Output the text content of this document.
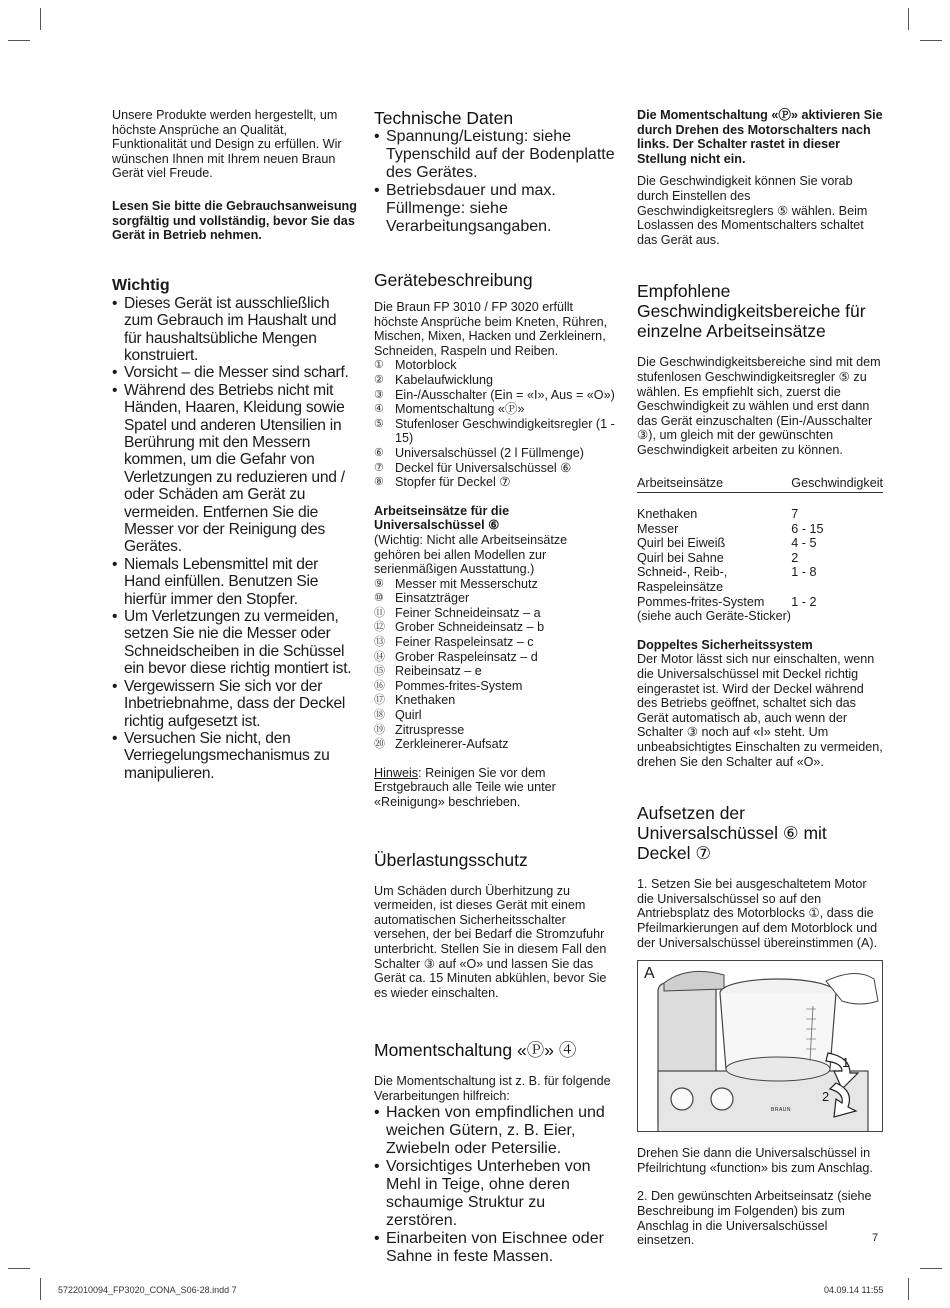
Unsere Produkte werden hergestellt, um höchste Ansprüche an Qualität, Funktionalität und Design zu erfüllen. Wir wünschen Ihnen mit Ihrem neuen Braun Gerät viel Freude.

Lesen Sie bitte die Gebrauchsanweisung sorgfältig und vollständig, bevor Sie das Gerät in Betrieb nehmen.

Wichtig
• Dieses Gerät ist ausschließlich zum Gebrauch im Haushalt und für haushaltsübliche Mengen konstruiert.
• Vorsicht – die Messer sind scharf.
• Während des Betriebs nicht mit Händen, Haaren, Kleidung sowie Spatel und anderen Utensilien in Berührung mit den Messern kommen, um die Gefahr von Verletzungen zu reduzieren und / oder Schäden am Gerät zu vermeiden. Entfernen Sie die Messer vor der Reinigung des Gerätes.
• Niemals Lebensmittel mit der Hand einfüllen. Benutzen Sie hierfür immer den Stopfer.
• Um Verletzungen zu vermeiden, setzen Sie nie die Messer oder Schneidscheiben in die Schüssel ein bevor diese richtig montiert ist.
• Vergewissern Sie sich vor der Inbetriebnahme, dass der Deckel richtig aufgesetzt ist.
• Versuchen Sie nicht, den Verriegelungsmechanismus zu manipulieren.
Technische Daten
• Spannung/Leistung: siehe Typenschild auf der Bodenplatte des Gerätes.
• Betriebsdauer und max. Füllmenge: siehe Verarbeitungsangaben.
Gerätebeschreibung

Die Braun FP 3010 / FP 3020 erfüllt höchste Ansprüche beim Kneten, Rühren, Mischen, Mixen, Hacken und Zerkleinern, Schneiden, Raspeln und Reiben.

① Motorblock
② Kabelaufwicklung
③ Ein-/Ausschalter (Ein = «I», Aus = «O»)
④ Momentschaltung «Ⓟ»
⑤ Stufenloser Geschwindigkeitsregler (1 - 15)
⑥ Universalschüssel (2 l Füllmenge)
⑦ Deckel für Universalschüssel ⑥
⑧ Stopfer für Deckel ⑦

Arbeitseinsätze für die Universalschüssel ⑥

(Wichtig: Nicht alle Arbeitseinsätze gehören bei allen Modellen zur serienmäßigen Ausstattung.)

⑨ Messer mit Messerschutz
⑩ Einsatzträger
⑪ Feiner Schneideinsatz – a
⑫ Grober Schneideinsatz – b
⑬ Feiner Raspeleinsatz – c
⑭ Grober Raspeleinsatz – d
⑮ Reibeinsatz – e
⑯ Pommes-frites-System
⑰ Knethaken
⑱ Quirl
⑲ Zitruspresse
⑳ Zerkleinerer-Aufsatz

Hinweis: Reinigen Sie vor dem Erstgebrauch alle Teile wie unter «Reinigung» beschrieben.

Überlastungsschutz

Um Schäden durch Überhitzung zu vermeiden, ist dieses Gerät mit einem automatischen Sicherheitsschalter versehen, der bei Bedarf die Stromzufuhr unterbricht. Stellen Sie in diesem Fall den Schalter ③ auf «O» und lassen Sie das Gerät ca. 15 Minuten abkühlen, bevor Sie es wieder einschalten.

Momentschaltung «Ⓟ» ④

Die Momentschaltung ist z. B. für folgende Verarbeitungen hilfreich:

• Hacken von empfindlichen und weichen Gütern, z. B. Eier, Zwiebeln oder Petersilie.
• Vorsichtiges Unterheben von Mehl in Teige, ohne deren schaumige Struktur zu zerstören.
• Einarbeiten von Eischnee oder Sahne in feste Massen.

Die Momentschaltung «Ⓟ» aktivieren Sie durch Drehen des Motorschalters nach links. Der Schalter rastet in dieser Stellung nicht ein.

Die Geschwindigkeit können Sie vorab durch Einstellen des Geschwindigkeitsreglers ⑤ wählen. Beim Loslassen des Momentschalters schaltet das Gerät aus.

Empfohlene Geschwindigkeitsbereiche für einzelne Arbeitseinsätze

Die Geschwindigkeitsbereiche sind mit dem stufenlosen Geschwindigkeitsregler ⑤ zu wählen. Es empfiehlt sich, zuerst die Geschwindigkeit zu wählen und erst dann das Gerät einzuschalten (Ein-/Ausschalter ③), um gleich mit der gewünschten Geschwindigkeit arbeiten zu können.

Arbeitseinsätze	Geschwindigkeit
Knethaken	7
Messer	6 - 15
Quirl bei Eiweiß	4 - 5
Quirl bei Sahne	2
Schneid-, Reib-, Raspeleinsätze	1 - 8
Pommes-frites-System	1 - 2
(siehe auch Geräte-Sticker)	

Doppeltes Sicherheitssystem

Der Motor lässt sich nur einschalten, wenn die Universalschüssel mit Deckel richtig eingerastet ist. Wird der Deckel während des Betriebs geöffnet, schaltet sich das Gerät automatisch ab, auch wenn der Schalter ③ noch auf «I» steht. Um unbeabsichtigtes Einschalten zu vermeiden, drehen Sie den Schalter auf «O».

Aufsetzen der Universalschüssel ⑥ mit Deckel ⑦

1. Setzen Sie bei ausgeschaltetem Motor die Universalschüssel so auf den Antriebsplatz des Motorblocks ①, dass die Pfeilmarkierungen auf dem Motorblock und der Universalschüssel übereinstimmen (A).

A
1
2
BRAUN

Drehen Sie dann die Universalschüssel in Pfeilrichtung «function» bis zum Anschlag.

2. Den gewünschten Arbeitseinsatz (siehe Beschreibung im Folgenden) bis zum Anschlag in die Universalschüssel einsetzen.	7
5722010094_FP3020_CONA_S06-28.indd 7	04.09.14 11:55
